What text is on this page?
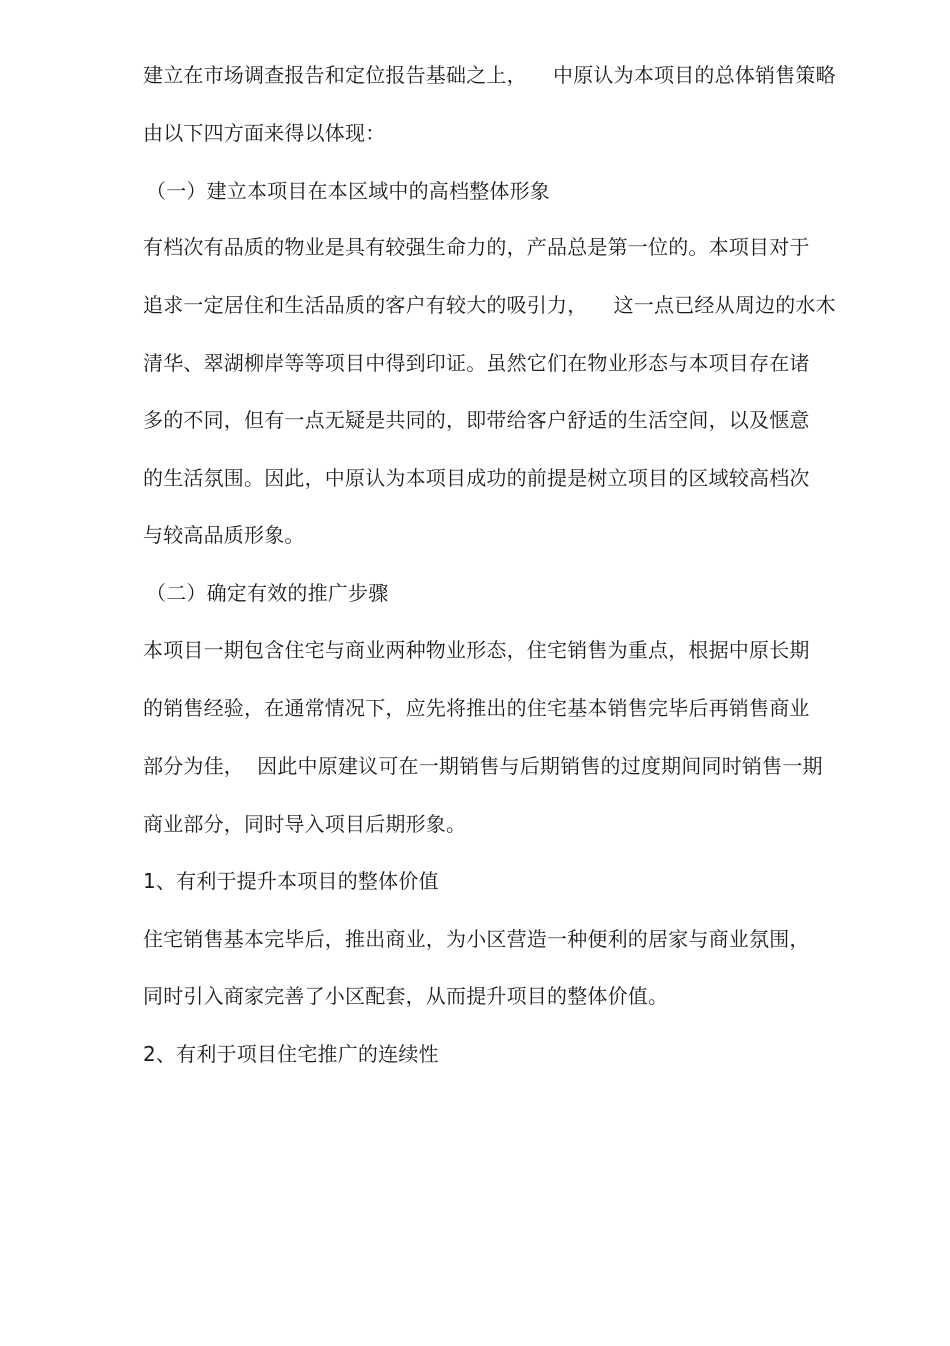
建立在市场调查报告和定位报告基础之上，    中原认为本项目的总体销售策略
由以下四方面来得以体现：
（一）建立本项目在本区域中的高档整体形象
有档次有品质的物业是具有较强生命力的，产品总是第一位的。本项目对于
追求一定居住和生活品质的客户有较大的吸引力，    这一点已经从周边的水木
清华、翠湖柳岸等等项目中得到印证。虽然它们在物业形态与本项目存在诸
多的不同，但有一点无疑是共同的，即带给客户舒适的生活空间，以及惬意
的生活氛围。因此，中原认为本项目成功的前提是树立项目的区域较高档次
与较高品质形象。
（二）确定有效的推广步骤
本项目一期包含住宅与商业两种物业形态，住宅销售为重点，根据中原长期
的销售经验，在通常情况下，应先将推出的住宅基本销售完毕后再销售商业
部分为佳，  因此中原建议可在一期销售与后期销售的过度期间同时销售一期
商业部分，同时导入项目后期形象。
1、有利于提升本项目的整体价值
住宅销售基本完毕后，推出商业，为小区营造一种便利的居家与商业氛围，
同时引入商家完善了小区配套，从而提升项目的整体价值。
2、有利于项目住宅推广的连续性
